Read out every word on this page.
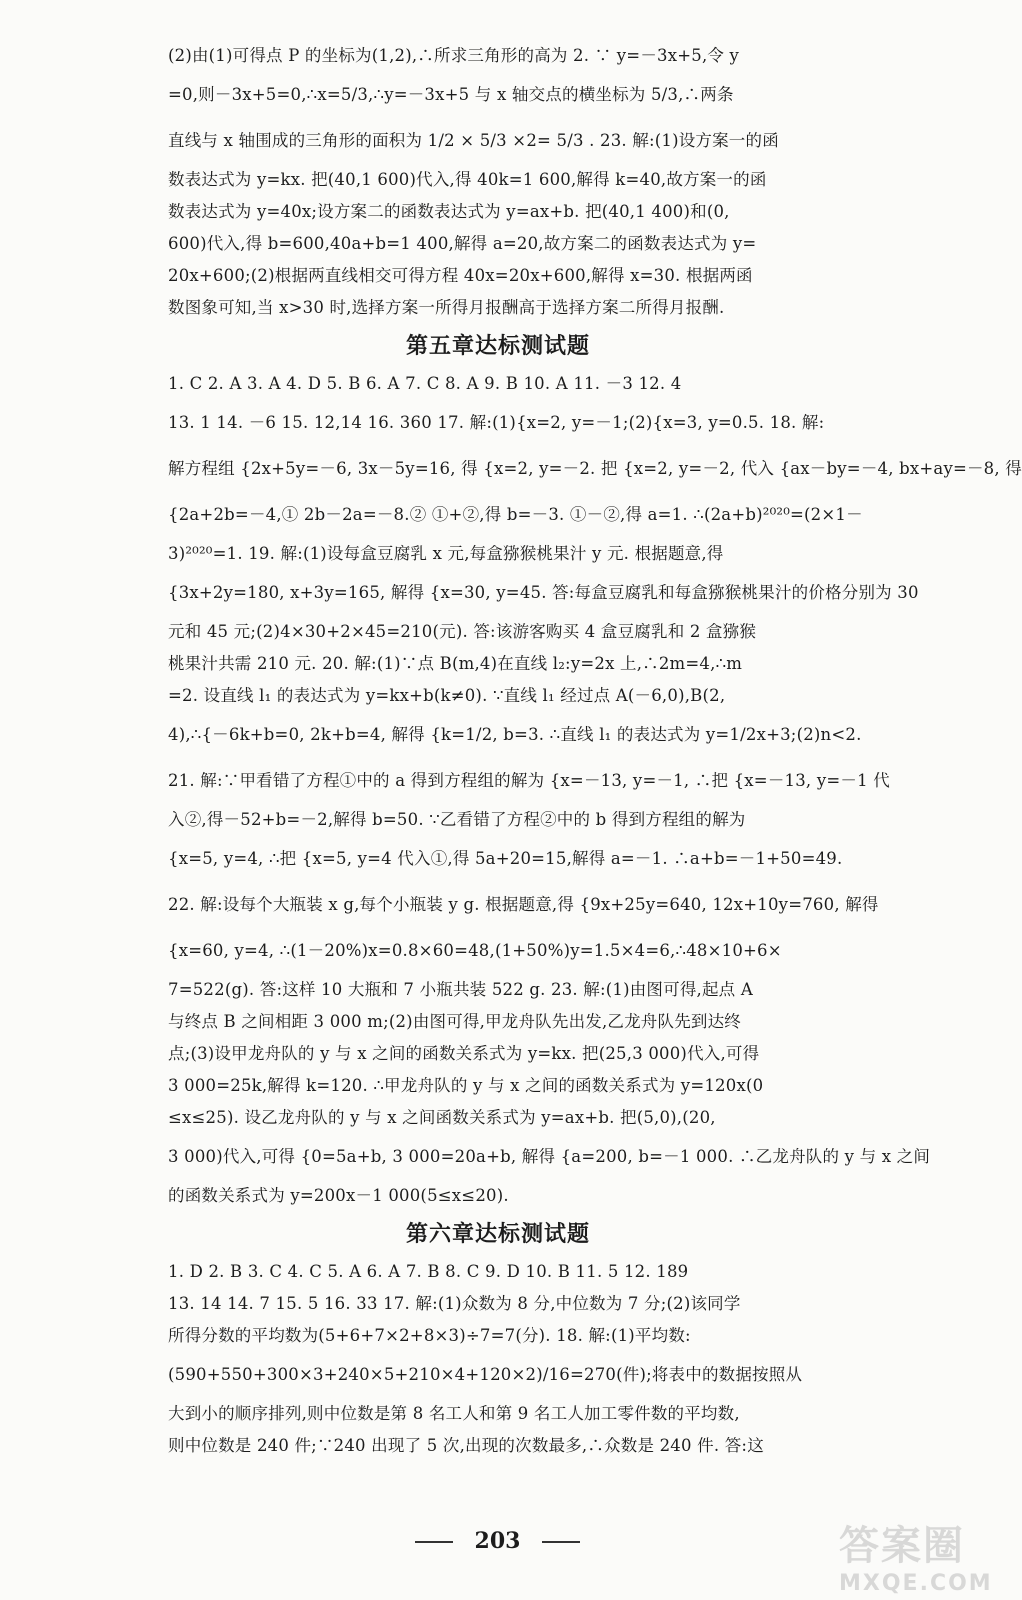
(2)由(1)可得点 P 的坐标为(1,2),∴所求三角形的高为 2. ∵ y=－3x+5,令 y
=0,则－3x+5=0,∴x=5/3,∴y=－3x+5 与 x 轴交点的横坐标为 5/3,∴两条
直线与 x 轴围成的三角形的面积为 1/2 × 5/3 ×2= 5/3 . 23. 解:(1)设方案一的函
数表达式为 y=kx. 把(40,1 600)代入,得 40k=1 600,解得 k=40,故方案一的函
数表达式为 y=40x;设方案二的函数表达式为 y=ax+b. 把(40,1 400)和(0,
600)代入,得 b=600,40a+b=1 400,解得 a=20,故方案二的函数表达式为 y=
20x+600;(2)根据两直线相交可得方程 40x=20x+600,解得 x=30. 根据两函
数图象可知,当 x>30 时,选择方案一所得月报酬高于选择方案二所得月报酬.
第五章达标测试题
1. C 2. A 3. A 4. D 5. B 6. A 7. C 8. A 9. B 10. A 11. －3 12. 4
13. 1 14. －6 15. 12,14 16. 360 17. 解:(1){x=2, y=－1;(2){x=3, y=0.5. 18. 解:
解方程组 {2x+5y=－6, 3x－5y=16, 得 {x=2, y=－2. 把 {x=2, y=－2, 代入 {ax－by=－4, bx+ay=－8, 得
{2a+2b=－4,① 2b－2a=－8.② ①+②,得 b=－3. ①－②,得 a=1. ∴(2a+b)²⁰²⁰=(2×1－
3)²⁰²⁰=1. 19. 解:(1)设每盒豆腐乳 x 元,每盒猕猴桃果汁 y 元. 根据题意,得
{3x+2y=180, x+3y=165, 解得 {x=30, y=45. 答:每盒豆腐乳和每盒猕猴桃果汁的价格分别为 30
元和 45 元;(2)4×30+2×45=210(元). 答:该游客购买 4 盒豆腐乳和 2 盒猕猴
桃果汁共需 210 元. 20. 解:(1)∵点 B(m,4)在直线 l₂:y=2x 上,∴2m=4,∴m
=2. 设直线 l₁ 的表达式为 y=kx+b(k≠0). ∵直线 l₁ 经过点 A(－6,0),B(2,
4),∴{－6k+b=0, 2k+b=4, 解得 {k=1/2, b=3. ∴直线 l₁ 的表达式为 y=1/2x+3;(2)n<2.
21. 解:∵甲看错了方程①中的 a 得到方程组的解为 {x=－13, y=－1, ∴把 {x=－13, y=－1 代
入②,得－52+b=－2,解得 b=50. ∵乙看错了方程②中的 b 得到方程组的解为
{x=5, y=4, ∴把 {x=5, y=4 代入①,得 5a+20=15,解得 a=－1. ∴a+b=－1+50=49.
22. 解:设每个大瓶装 x g,每个小瓶装 y g. 根据题意,得 {9x+25y=640, 12x+10y=760, 解得
{x=60, y=4, ∴(1－20%)x=0.8×60=48,(1+50%)y=1.5×4=6,∴48×10+6×
7=522(g). 答:这样 10 大瓶和 7 小瓶共装 522 g. 23. 解:(1)由图可得,起点 A
与终点 B 之间相距 3 000 m;(2)由图可得,甲龙舟队先出发,乙龙舟队先到达终
点;(3)设甲龙舟队的 y 与 x 之间的函数关系式为 y=kx. 把(25,3 000)代入,可得
3 000=25k,解得 k=120. ∴甲龙舟队的 y 与 x 之间的函数关系式为 y=120x(0
≤x≤25). 设乙龙舟队的 y 与 x 之间函数关系式为 y=ax+b. 把(5,0),(20,
3 000)代入,可得 {0=5a+b, 3 000=20a+b, 解得 {a=200, b=－1 000. ∴乙龙舟队的 y 与 x 之间
的函数关系式为 y=200x－1 000(5≤x≤20).
第六章达标测试题
1. D 2. B 3. C 4. C 5. A 6. A 7. B 8. C 9. D 10. B 11. 5 12. 189
13. 14 14. 7 15. 5 16. 33 17. 解:(1)众数为 8 分,中位数为 7 分;(2)该同学
所得分数的平均数为(5+6+7×2+8×3)÷7=7(分). 18. 解:(1)平均数:
(590+550+300×3+240×5+210×4+120×2)/16=270(件);将表中的数据按照从
大到小的顺序排列,则中位数是第 8 名工人和第 9 名工人加工零件数的平均数,
则中位数是 240 件;∵240 出现了 5 次,出现的次数最多,∴众数是 240 件. 答:这
203	答案圈
MXQE.COM
